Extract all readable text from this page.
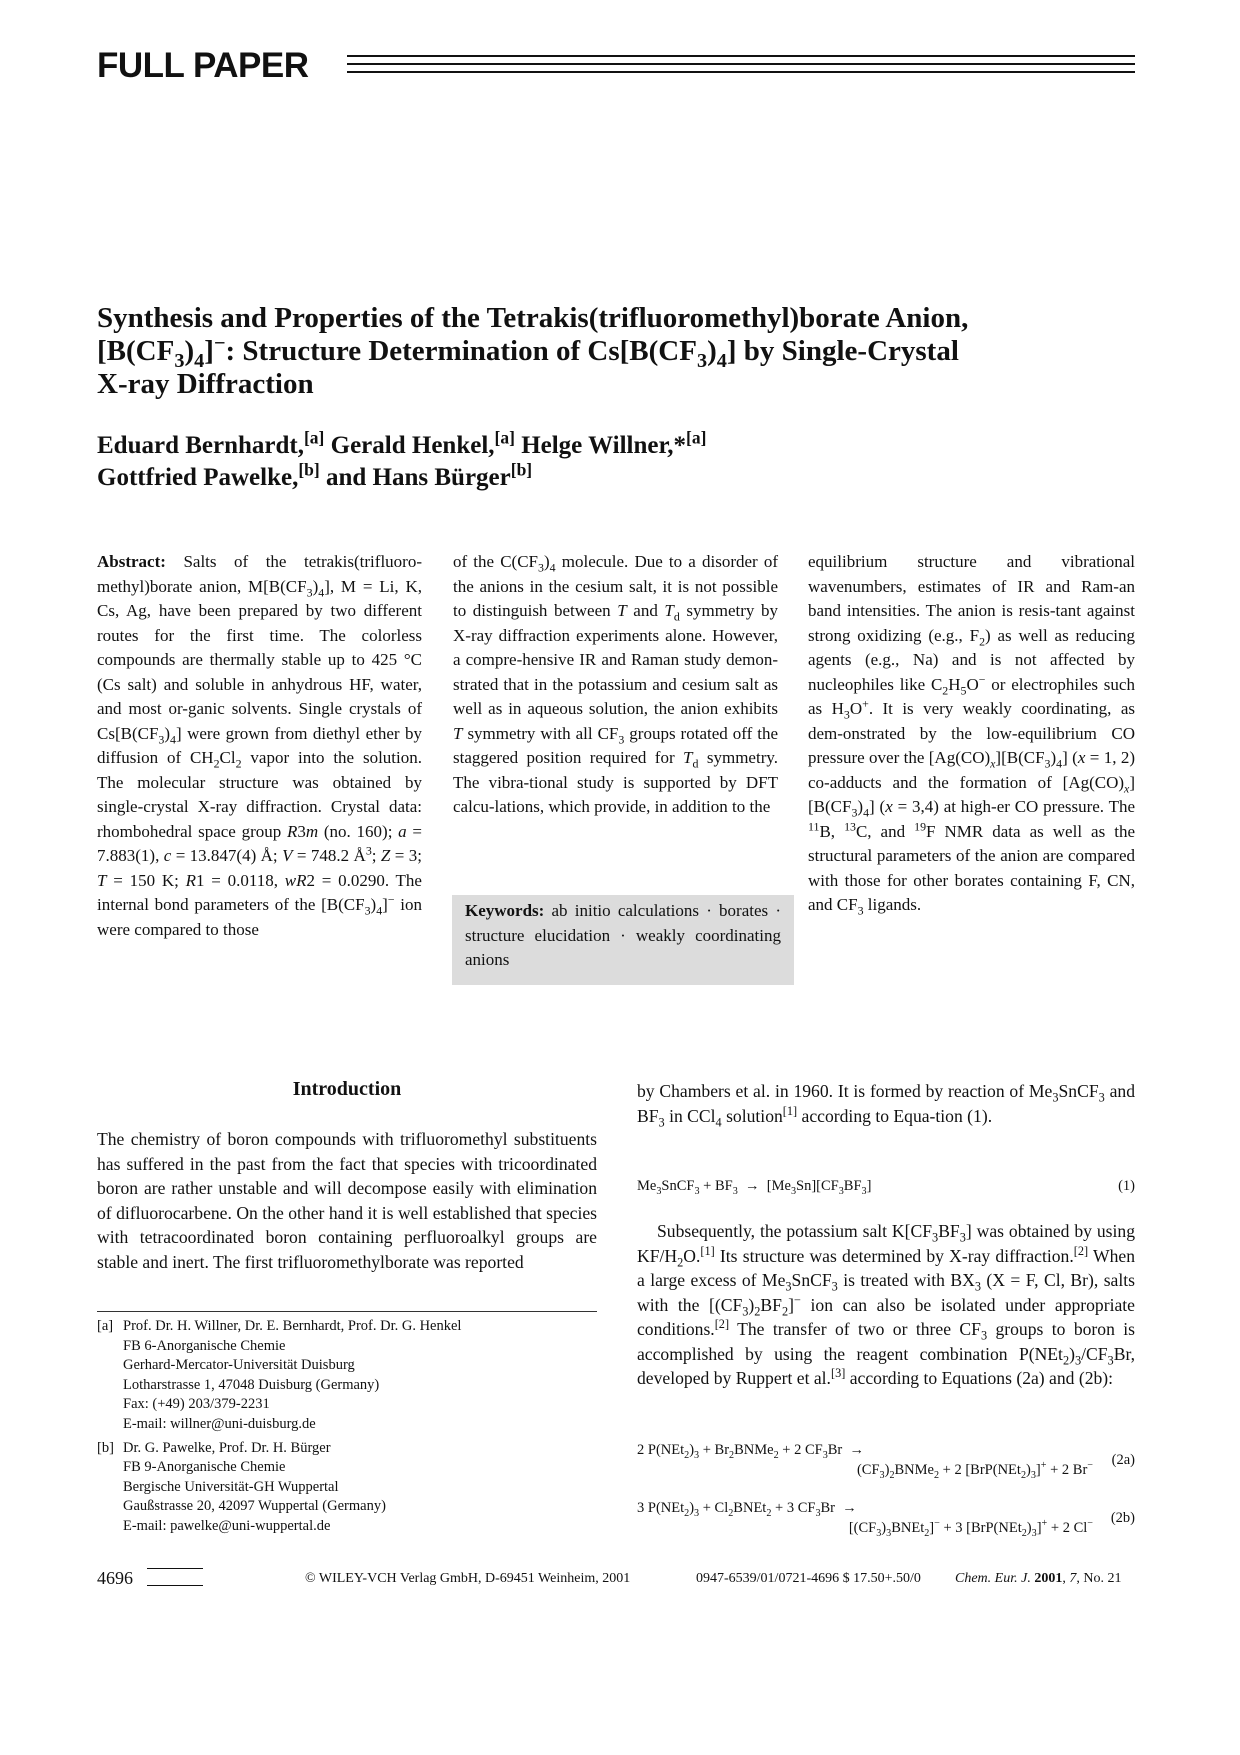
FULL PAPER
Synthesis and Properties of the Tetrakis(trifluoromethyl)borate Anion,
$[B(CF_3)_4]^-$: Structure Determination of $Cs[B(CF_3)_4]$ by Single-Crystal
X-ray Diffraction
Eduard Bernhardt,[a] Gerald Henkel,[a] Helge Willner,*[a]
Gottfried Pawelke,[b] and Hans Bürger[b]
Abstract: Salts of the tetrakis(trifluoro-methyl)borate anion, $M[B(CF_3)_4]$, M = Li, K, Cs, Ag, have been prepared by two different routes for the first time. The colorless compounds are thermally stable up to 425 °C (Cs salt) and soluble in anhydrous HF, water, and most or-ganic solvents. Single crystals of $Cs[B(CF_3)_4]$ were grown from diethyl ether by diffusion of $CH_2Cl_2$ vapor into the solution. The molecular structure was obtained by single-crystal X-ray diffraction. Crystal data: rhombohedral space group R3m (no. 160); a = 7.883(1), c = 13.847(4) Å; V = 748.2 $Å^3$; Z = 3; T = 150 K; R1 = 0.0118, wR2 = 0.0290. The internal bond parameters of the $[B(CF_3)_4]^-$ ion were compared to those
of the $C(CF_3)_4$ molecule. Due to a disorder of the anions in the cesium salt, it is not possible to distinguish between T and $T_d$ symmetry by X-ray diffraction experiments alone. However, a compre-hensive IR and Raman study demon-strated that in the potassium and cesium salt as well as in aqueous solution, the anion exhibits T symmetry with all $CF_3$ groups rotated off the staggered position required for $T_d$ symmetry. The vibra-tional study is supported by DFT calcu-lations, which provide, in addition to the
Keywords: ab initio calculations · borates · structure elucidation · weakly coordinating anions
equilibrium structure and vibrational wavenumbers, estimates of IR and Ram-an band intensities. The anion is resis-tant against strong oxidizing (e.g., $F_2$) as well as reducing agents (e.g., Na) and is not affected by nucleophiles like $C_2H_5O^-$ or electrophiles such as $H_3O^+$. It is very weakly coordinating, as dem-onstrated by the low-equilibrium CO pressure over the $[Ag(CO)_x][B(CF_3)_4] (x = 1$, 2) co-adducts and the formation of $[Ag(CO)_x][B(CF_3)_4] (x = 3,4)$ at high-er CO pressure. The $^{11}$B, $^{13}$C, and $^{19}$F NMR data as well as the structural parameters of the anion are compared with those for other borates containing F, CN, and $CF_3$ ligands.
Introduction
The chemistry of boron compounds with trifluoromethyl substituents has suffered in the past from the fact that species with tricoordinated boron are rather unstable and will decompose easily with elimination of difluorocarbene. On the other hand it is well established that species with tetracoordinated boron containing perfluoroalkyl groups are stable and inert. The first trifluoromethylborate was reported
[a] Prof. Dr. H. Willner, Dr. E. Bernhardt, Prof. Dr. G. Henkel
FB 6-Anorganische Chemie
Gerhard-Mercator-Universität Duisburg
Lotharstrasse 1, 47048 Duisburg (Germany)
Fax: (+49) 203/379-2231
E-mail: willner@uni-duisburg.de
[b] Dr. G. Pawelke, Prof. Dr. H. Bürger
FB 9-Anorganische Chemie
Bergische Universität-GH Wuppertal
Gaußstrasse 20, 42097 Wuppertal (Germany)
E-mail: pawelke@uni-wuppertal.de
by Chambers et al. in 1960. It is formed by reaction of $Me_3SnCF_3$ and $BF_3$ in CCl$_4$ solution[1] according to Equa-tion (1).
$Me_3SnCF_3 + BF_3 \to [Me_3Sn][CF_3BF_3]$	(1)
Subsequently, the potassium salt $K[CF_3BF_3]$ was obtained by using $KF/H_2O.[1]$ Its structure was determined by X-ray diffraction.[2] When a large excess of $Me_3SnCF_3$ is treated with $BX_3$ (X = F, Cl, Br), salts with the $[(CF_3)_2BF_2]^-$ ion can also be isolated under appropriate conditions.[2] The transfer of two or three $CF_3$ groups to boron is accomplished by using the reagent combination $P(NEt_2)_3/CF_3Br$, developed by Ruppert et al.[3] according to Equations (2a) and (2b):
2 $P(NEt_2)_3$ + $Br_2BNMe_2 + 2$ $CF_3Br$  →
$(CF_3)_2BNMe_2 + 2$ $[BrP(NEt_2)_3]^+ + 2$ Br−	(2a)
3 $P(NEt_2)_3$ + $Cl_2BNEt_2 + 3$ $CF_3Br$  →
$[(CF_3)_3BNEt_2]^- + 3$ $[BrP(NEt_2)_3]^+ + 2$ Cl−	(2b)
4696	© WILEY-VCH Verlag GmbH, D-69451 Weinheim, 2001	0947-6539/01/0721-4696 $ 17.50+.50/0 Chem. Eur. J. 2001, 7, No. 21
